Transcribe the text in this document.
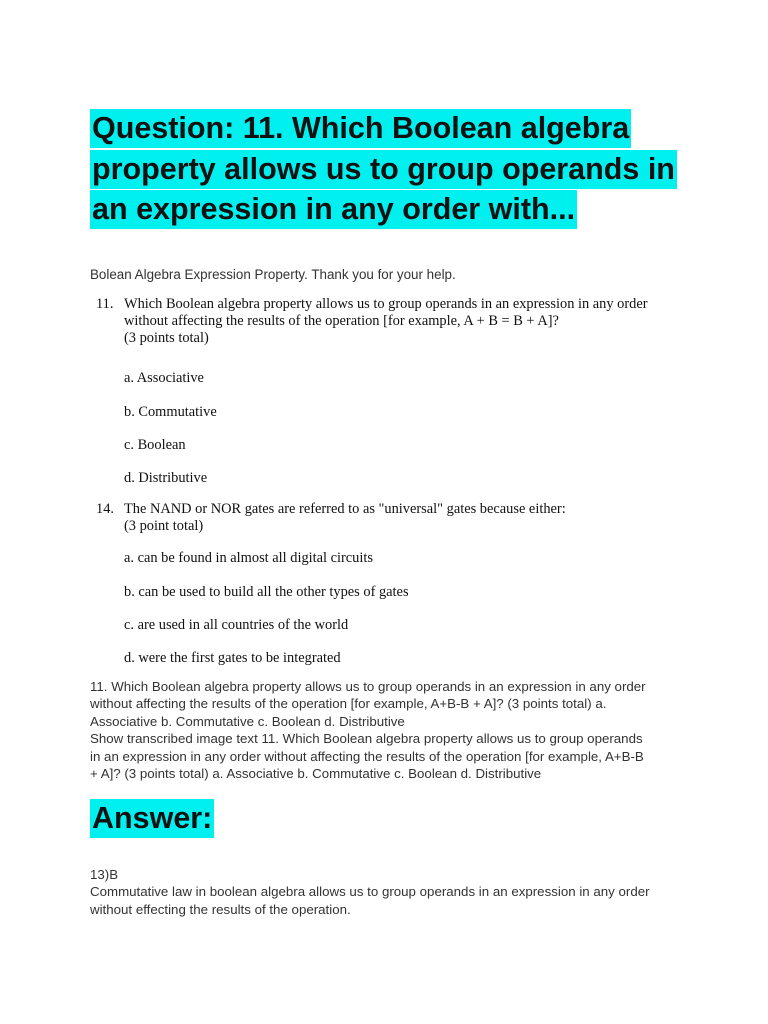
Question: 11. Which Boolean algebra
property allows us to group operands in
an expression in any order with...

Bolean Algebra Expression Property. Thank you for your help.

11. Which Boolean algebra property allows us to group operands in an expression in any order
without affecting the results of the operation [for example, A + B = B + A]?
(3 points total)
a. Associative
b. Commutative
c. Boolean
d. Distributive
14. The NAND or NOR gates are referred to as "universal" gates because either:
(3 point total)
a. can be found in almost all digital circuits
b. can be used to build all the other types of gates
c. are used in all countries of the world
d. were the first gates to be integrated

11. Which Boolean algebra property allows us to group operands in an expression in any order
without affecting the results of the operation [for example, A+B-B + A]? (3 points total) a.
Associative b. Commutative c. Boolean d. Distributive
Show transcribed image text 11. Which Boolean algebra property allows us to group operands
in an expression in any order without affecting the results of the operation [for example, A+B-B
+ A]? (3 points total) a. Associative b. Commutative c. Boolean d. Distributive

Answer:

13)B
Commutative law in boolean algebra allows us to group operands in an expression in any order
without effecting the results of the operation.
